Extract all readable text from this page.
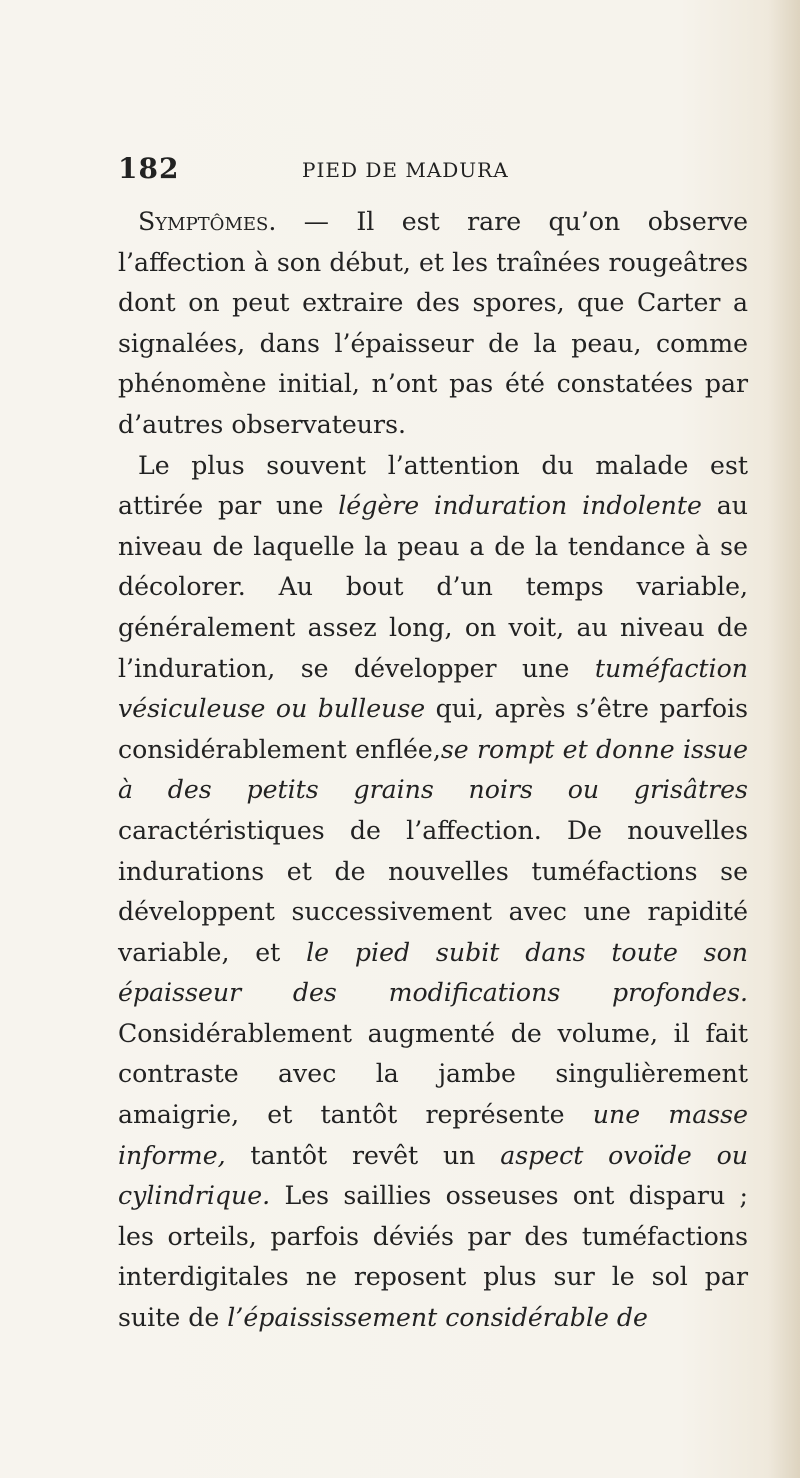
182	PIED DE MADURA

Symptômes. — Il est rare qu’on observe l’affection à son début, et les traînées rougeâtres dont on peut extraire des spores, que Carter a signalées, dans l’épaisseur de la peau, comme phénomène initial, n’ont pas été constatées par d’autres observateurs.

Le plus souvent l’attention du malade est attirée par une légère induration indolente au niveau de laquelle la peau a de la tendance à se décolorer. Au bout d’un temps variable, généralement assez long, on voit, au niveau de l’induration, se développer une tuméfaction vésiculeuse ou bulleuse qui, après s’être parfois considérablement enflée,se rompt et donne issue à des petits grains noirs ou grisâtres caractéristiques de l’affection. De nouvelles indurations et de nouvelles tuméfactions se développent successivement avec une rapidité variable, et le pied subit dans toute son épaisseur des modifications profondes. Considérablement augmenté de volume, il fait contraste avec la jambe singulièrement amaigrie, et tantôt représente une masse informe, tantôt revêt un aspect ovoïde ou cylindrique. Les saillies osseuses ont disparu ; les orteils, parfois déviés par des tuméfactions interdigitales ne reposent plus sur le sol par suite de l’épaississement considérable de
